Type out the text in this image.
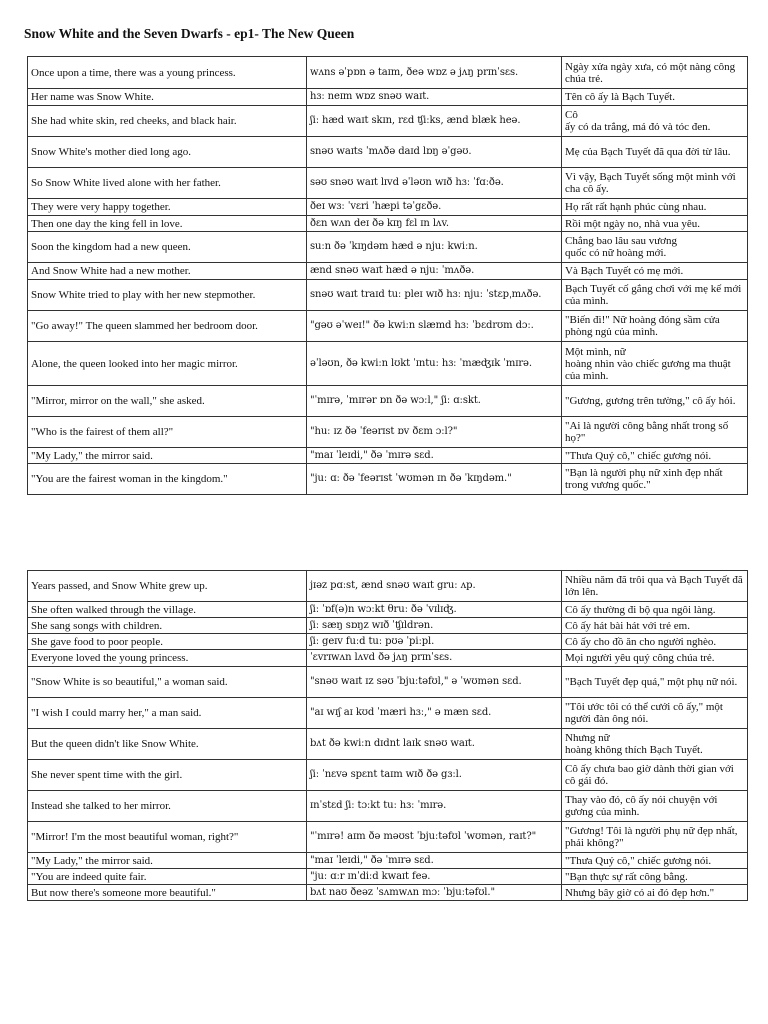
Snow White and the Seven Dwarfs - ep1- The New Queen
Once upon a time, there was a young princess.	wʌns əˈpɒn ə taɪm, ðeə wɒz ə jʌŋ prɪnˈsɛs.	Ngày xửa ngày xưa, có một nàng công chúa trẻ.
Her name was Snow White.	hɜː neɪm wɒz snəʊ waɪt.	Tên cô ấy là Bạch Tuyết.
She had white skin, red cheeks, and black hair.	ʃiː hæd waɪt skɪn, rɛd ʧiːks, ænd blæk heə.	Cô
ấy có da trắng, má đỏ và tóc đen.
Snow White's mother died long ago.	snəʊ waɪts ˈmʌðə daɪd lɒŋ əˈgəʊ.	Mẹ của Bạch Tuyết đã qua đời từ lâu.
So Snow White lived alone with her father.	səʊ snəʊ waɪt lɪvd əˈləʊn wɪð hɜː ˈfɑːðə.	Vì vậy, Bạch Tuyết sống một mình với cha cô ấy.
They were very happy together.	ðeɪ wɜː ˈvɛri ˈhæpi təˈgɛðə.	Họ rất rất hạnh phúc cùng nhau.
Then one day the king fell in love.	ðɛn wʌn deɪ ðə kɪŋ fɛl ɪn lʌv.	Rồi một ngày no, nhà vua yêu.
Soon the kingdom had a new queen.	suːn ðə ˈkɪŋdəm hæd ə njuː kwiːn.	Chẳng bao lâu sau vương
quốc có nữ hoàng mới.
And Snow White had a new mother.	ænd snəʊ waɪt hæd ə njuː ˈmʌðə.	Và Bạch Tuyết có mẹ mới.
Snow White tried to play with her new stepmother.	snəʊ waɪt traɪd tuː pleɪ wɪð hɜː njuː ˈstɛpˌmʌðə.	Bạch Tuyết cố gắng chơi với mẹ kế mới của mình.
"Go away!" The queen slammed her bedroom door.	"gəʊ əˈweɪ!" ðə kwiːn slæmd hɜː ˈbɛdrʊm dɔː.	"Biến đi!" Nữ hoàng đóng sầm cửa phòng ngủ của mình.
Alone, the queen looked into her magic mirror.	əˈləʊn, ðə kwiːn lʊkt ˈɪntuː hɜː ˈmæʤɪk ˈmɪrə.	Một mình, nữ
hoàng nhìn vào chiếc gương ma thuật của mình.
"Mirror, mirror on the wall," she asked.	"ˈmɪrə, ˈmɪrər ɒn ðə wɔːl," ʃiː ɑːskt.	"Gương, gương trên tường," cô ấy hỏi.
"Who is the fairest of them all?"	"huː ɪz ðə ˈfeərɪst ɒv ðɛm ɔːl?"	"Ai là người công bằng nhất trong số họ?"
"My Lady," the mirror said.	"maɪ ˈleɪdi," ðə ˈmɪrə sɛd.	"Thưa Quý cô," chiếc gương nói.
"You are the fairest woman in the kingdom."	"juː ɑː ðə ˈfeərɪst ˈwʊmən ɪn ðə ˈkɪŋdəm."	"Bạn là người phụ nữ xinh đẹp nhất trong vương quốc."
Years passed, and Snow White grew up.	jɪəz pɑːst, ænd snəʊ waɪt gruː ʌp.	Nhiều năm đã trôi qua và Bạch Tuyết đã lớn lên.
She often walked through the village.	ʃiː ˈɒf(ə)n wɔːkt θruː ðə ˈvɪlɪʤ.	Cô ấy thường đi bộ qua ngôi làng.
She sang songs with children.	ʃiː sæŋ sɒŋz wɪð ˈʧɪldrən.	Cô ấy hát bài hát với trẻ em.
She gave food to poor people.	ʃiː geɪv fuːd tuː pʊə ˈpiːpl.	Cô ấy cho đồ ăn cho người nghèo.
Everyone loved the young princess.	ˈɛvrɪwʌn lʌvd ðə jʌŋ prɪnˈsɛs.	Mọi người yêu quý công chúa trẻ.
"Snow White is so beautiful," a woman said.	"snəʊ waɪt ɪz səʊ ˈbjuːtəfʊl," ə ˈwʊmən sɛd.	"Bạch Tuyết đẹp quá," một phụ nữ nói.
"I wish I could marry her," a man said.	"aɪ wɪʃ aɪ kʊd ˈmæri hɜː," ə mæn sɛd.	"Tôi ước tôi có thể cưới cô ấy," một người đàn ông nói.
But the queen didn't like Snow White.	bʌt ðə kwiːn dɪdnt laɪk snəʊ waɪt.	Nhưng nữ
hoàng không thích Bạch Tuyết.
She never spent time with the girl.	ʃiː ˈnɛvə spɛnt taɪm wɪð ðə gɜːl.	Cô ấy chưa bao giờ dành thời gian với cô gái đó.
Instead she talked to her mirror.	ɪnˈstɛd ʃiː tɔːkt tuː hɜː ˈmɪrə.	Thay vào đó, cô ấy nói chuyện với gương của mình.
"Mirror! I'm the most beautiful woman, right?"	"ˈmɪrə! aɪm ðə məʊst ˈbjuːtəfʊl ˈwʊmən, raɪt?"	"Gương! Tôi là người phụ nữ đẹp nhất, phải không?"
"My Lady," the mirror said.	"maɪ ˈleɪdi," ðə ˈmɪrə sɛd.	"Thưa Quý cô," chiếc gương nói.
"You are indeed quite fair.	"juː ɑːr ɪnˈdiːd kwaɪt feə.	"Bạn thực sự rất công bằng.
But now there's someone more beautiful."	bʌt naʊ ðeəz ˈsʌmwʌn mɔː ˈbjuːtəfʊl."	Nhưng bây giờ có ai đó đẹp hơn."
